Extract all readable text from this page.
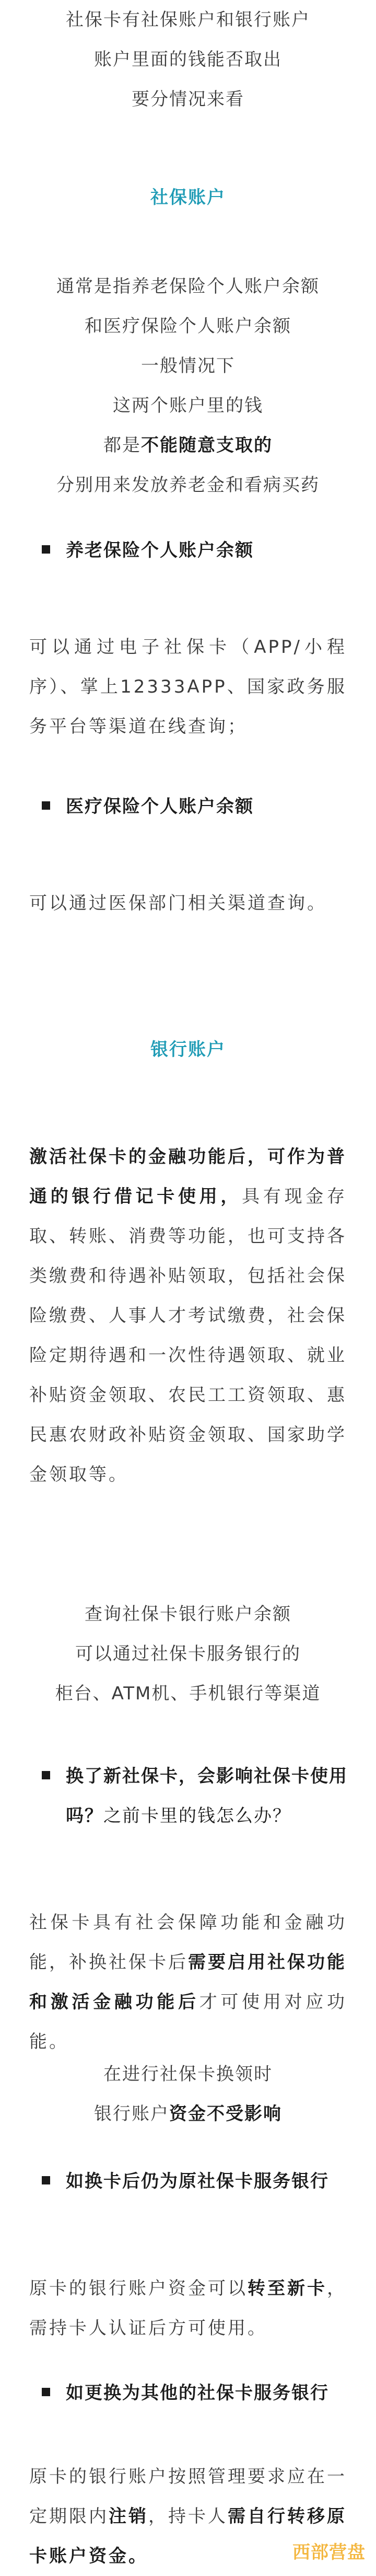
社保卡有社保账户和银行账户
账户里面的钱能否取出
要分情况来看
社保账户
通常是指养老保险个人账户余额
和医疗保险个人账户余额
一般情况下
这两个账户里的钱
都是不能随意支取的
分别用来发放养老金和看病买药
养老保险个人账户余额
可以通过电子社保卡（APP/小程序）、掌上12333APP、国家政务服务平台等渠道在线查询；
医疗保险个人账户余额
可以通过医保部门相关渠道查询。
银行账户
激活社保卡的金融功能后，可作为普通的银行借记卡使用，具有现金存取、转账、消费等功能，也可支持各类缴费和待遇补贴领取，包括社会保险缴费、人事人才考试缴费，社会保险定期待遇和一次性待遇领取、就业补贴资金领取、农民工工资领取、惠民惠农财政补贴资金领取、国家助学金领取等。
查询社保卡银行账户余额
可以通过社保卡服务银行的
柜台、ATM机、手机银行等渠道
换了新社保卡，会影响社保卡使用吗？之前卡里的钱怎么办？
社保卡具有社会保障功能和金融功能，补换社保卡后需要启用社保功能和激活金融功能后才可使用对应功能。
在进行社保卡换领时
银行账户资金不受影响
如换卡后仍为原社保卡服务银行
原卡的银行账户资金可以转至新卡，需持卡人认证后方可使用。
如更换为其他的社保卡服务银行
原卡的银行账户按照管理要求应在一定期限内注销，持卡人需自行转移原卡账户资金。	西部营盘
